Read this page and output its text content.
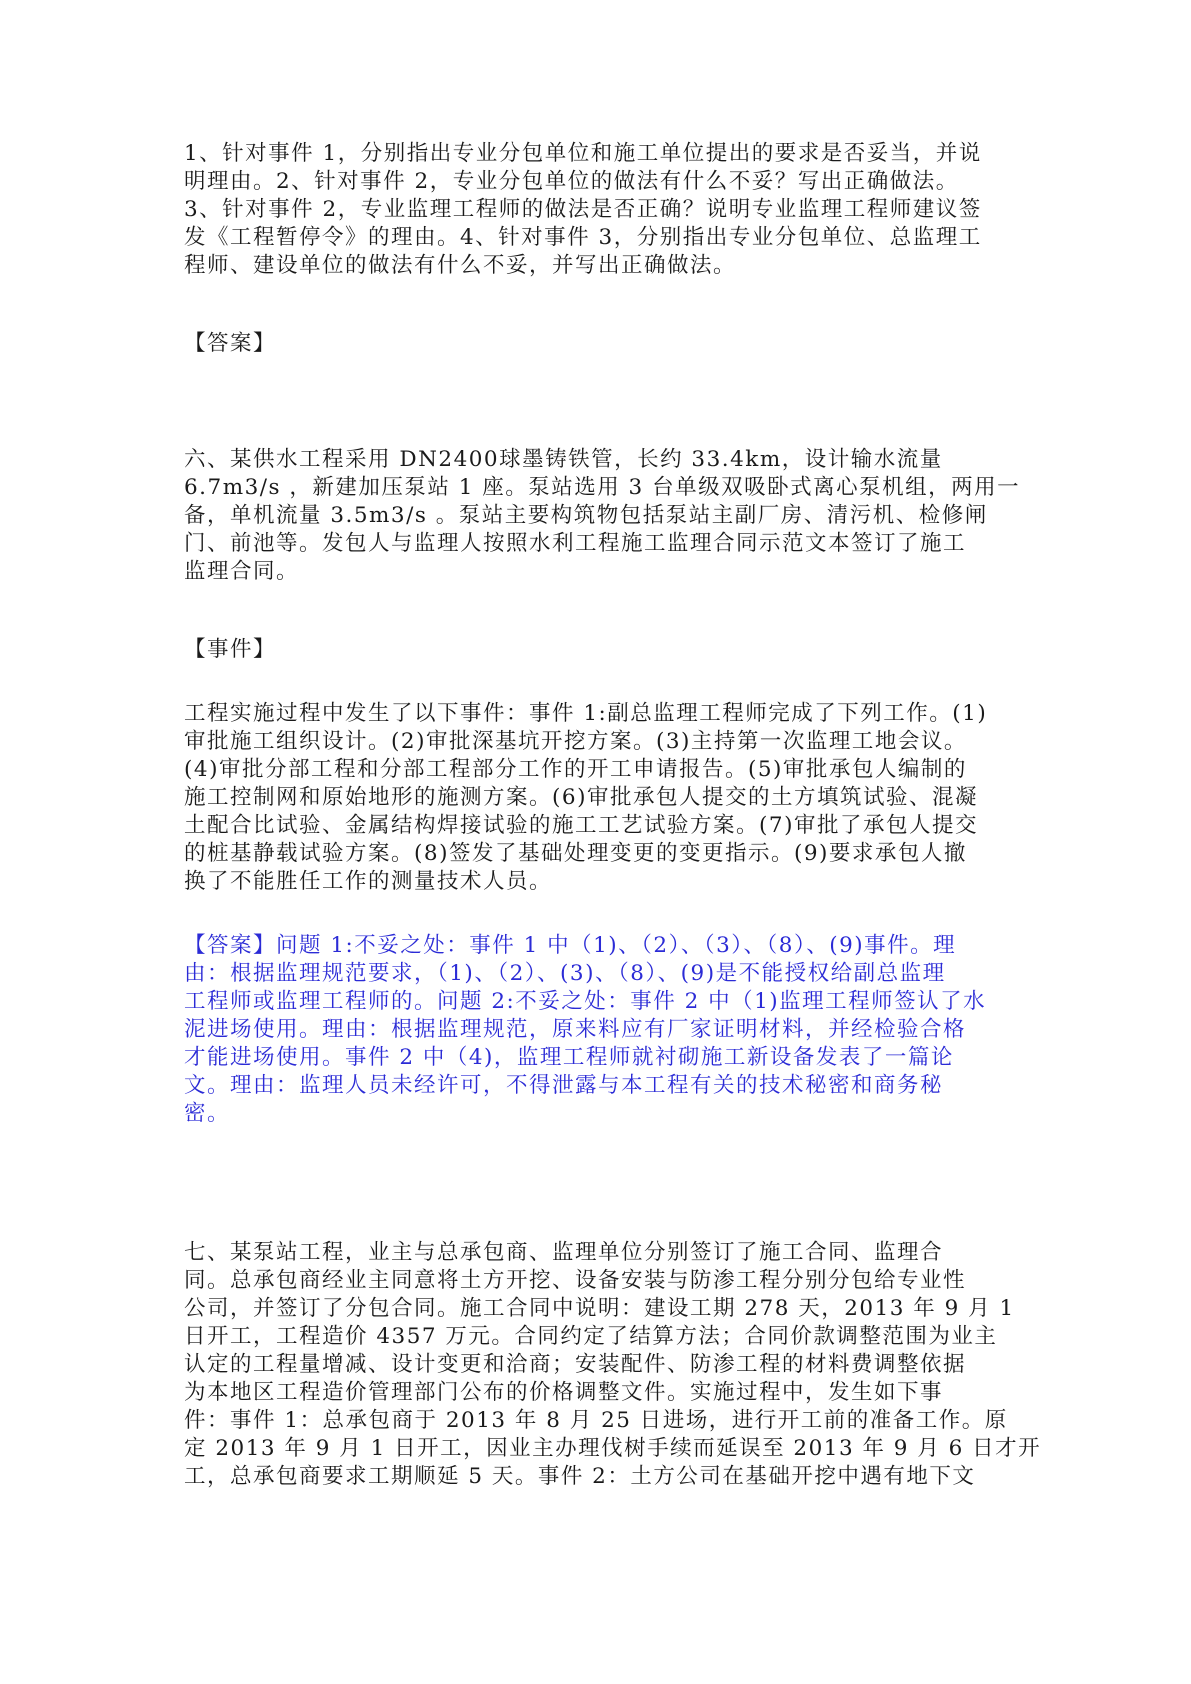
1、针对事件 1，分别指出专业分包单位和施工单位提出的要求是否妥当，并说
明理由。2、针对事件 2，专业分包单位的做法有什么不妥？写出正确做法。
3、针对事件 2，专业监理工程师的做法是否正确？说明专业监理工程师建议签
发《工程暂停令》的理由。4、针对事件 3，分别指出专业分包单位、总监理工
程师、建设单位的做法有什么不妥，并写出正确做法。
【答案】
六、某供水工程采用 DN2400球墨铸铁管，长约 33.4km，设计输水流量
6.7m3/s ，新建加压泵站 1 座。泵站选用 3 台单级双吸卧式离心泵机组，两用一
备，单机流量 3.5m3/s 。泵站主要构筑物包括泵站主副厂房、清污机、检修闸
门、前池等。发包人与监理人按照水利工程施工监理合同示范文本签订了施工
监理合同。
【事件】
工程实施过程中发生了以下事件：事件 1:副总监理工程师完成了下列工作。(1)
审批施工组织设计。(2)审批深基坑开挖方案。(3)主持第一次监理工地会议。
(4)审批分部工程和分部工程部分工作的开工申请报告。(5)审批承包人编制的
施工控制网和原始地形的施测方案。(6)审批承包人提交的土方填筑试验、混凝
土配合比试验、金属结构焊接试验的施工工艺试验方案。(7)审批了承包人提交
的桩基静载试验方案。(8)签发了基础处理变更的变更指示。(9)要求承包人撤
换了不能胜任工作的测量技术人员。
【答案】问题 1:不妥之处：事件 1 中（1)、（2）、（3）、（8）、(9)事件。理
由：根据监理规范要求，（1)、（2）、(3)、（8）、(9)是不能授权给副总监理
工程师或监理工程师的。问题 2:不妥之处：事件 2 中（1)监理工程师签认了水
泥进场使用。理由：根据监理规范，原来料应有厂家证明材料，并经检验合格
才能进场使用。事件 2 中（4)，监理工程师就衬砌施工新设备发表了一篇论
文。理由：监理人员未经许可，不得泄露与本工程有关的技术秘密和商务秘
密。
七、某泵站工程，业主与总承包商、监理单位分别签订了施工合同、监理合
同。总承包商经业主同意将土方开挖、设备安装与防渗工程分别分包给专业性
公司，并签订了分包合同。施工合同中说明：建设工期 278 天，2013 年 9 月 1
日开工，工程造价 4357 万元。合同约定了结算方法；合同价款调整范围为业主
认定的工程量增减、设计变更和洽商；安装配件、防渗工程的材料费调整依据
为本地区工程造价管理部门公布的价格调整文件。实施过程中，发生如下事
件：事件 1：总承包商于 2013 年 8 月 25 日进场，进行开工前的准备工作。原
定 2013 年 9 月 1 日开工，因业主办理伐树手续而延误至 2013 年 9 月 6 日才开
工，总承包商要求工期顺延 5 天。事件 2：土方公司在基础开挖中遇有地下文
